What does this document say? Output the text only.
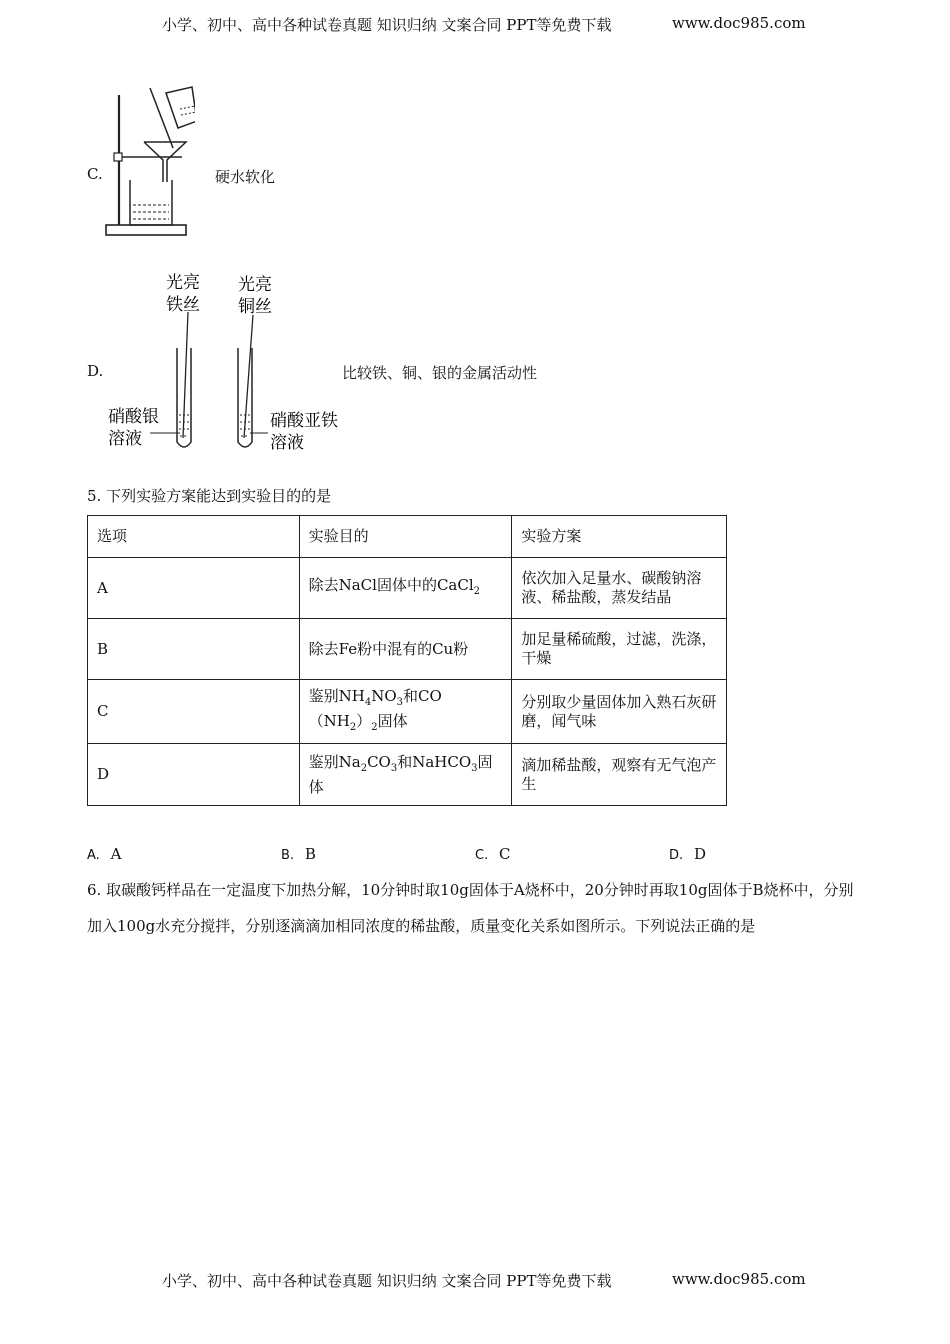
小学、初中、高中各种试卷真题 知识归纳 文案合同 PPT等免费下载	www.doc985.com
C.	硬水软化
光亮
铁丝
光亮
铜丝
硝酸银
溶液
硝酸亚铁
溶液
D.	比较铁、铜、银的金属活动性
5. 下列实验方案能达到实验目的的是
选项	实验目的	实验方案
A	除去NaCl固体中的CaCl$_2$	依次加入足量水、碳酸钠溶液、稀盐酸，蒸发结晶
B	除去Fe粉中混有的Cu粉	加足量稀硫酸，过滤，洗涤，干燥
C	鉴别$NH_4NO_3$和$CO(NH_2)_2$固体	分别取少量固体加入熟石灰研磨，闻气味
D	鉴别$Na_2CO_3$和NaHCO$_3$固体	滴加稀盐酸，观察有无气泡产生
A. A	B. B	C. C	D. D
6. 取碳酸钙样品在一定温度下加热分解，10分钟时取10g固体于A烧杯中，20分钟时再取10g固体于B烧杯中，分别加入100g水充分搅拌，分别逐滴滴加相同浓度的稀盐酸，质量变化关系如图所示。下列说法正确的是
小学、初中、高中各种试卷真题 知识归纳 文案合同 PPT等免费下载	www.doc985.com
